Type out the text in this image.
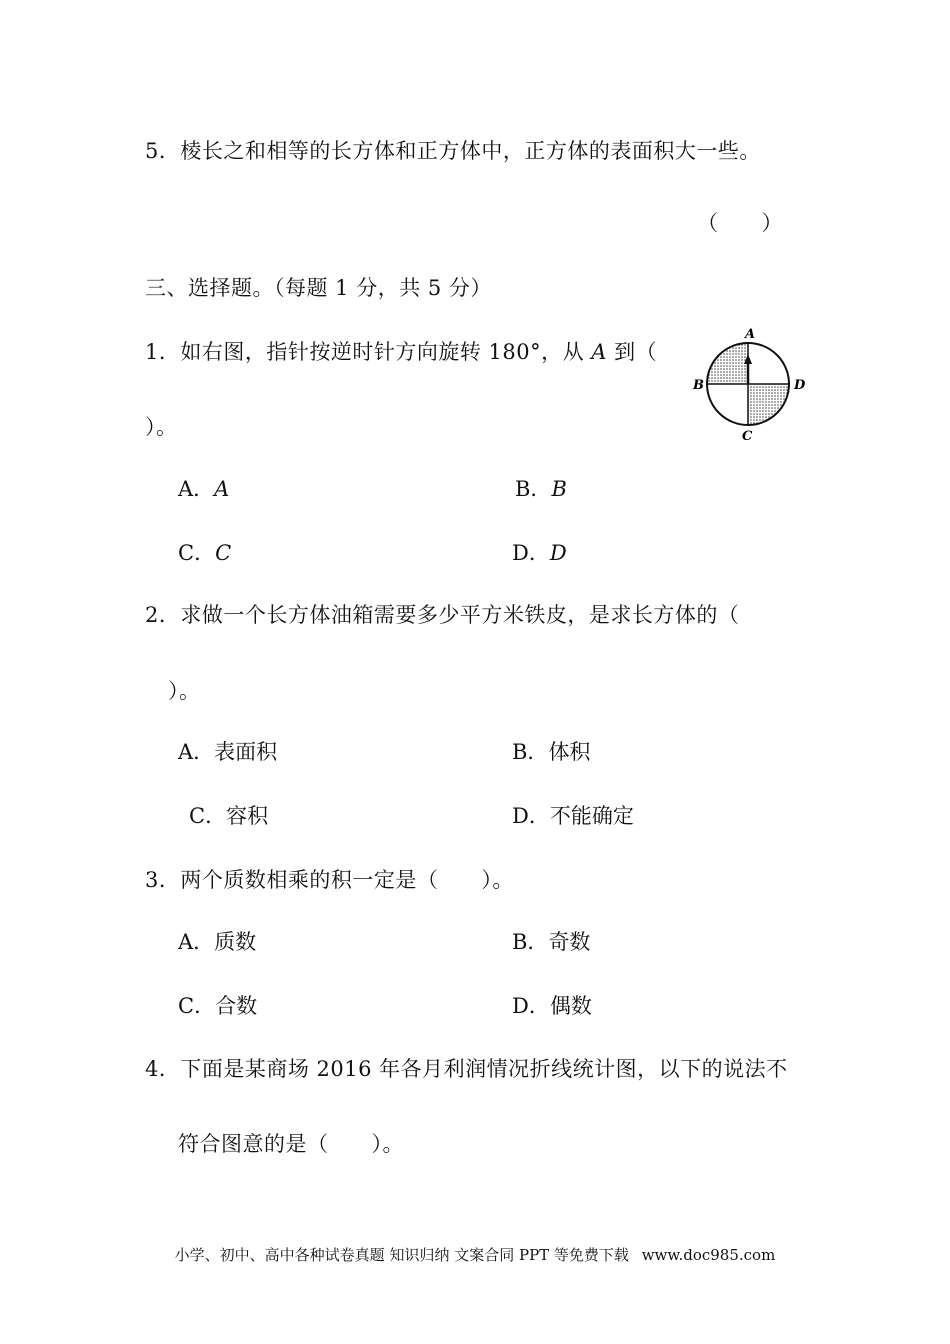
5．棱长之和相等的长方体和正方体中，正方体的表面积大一些。
（　　）
三、选择题。（每题 1 分，共 5 分）
1．如右图，指针按逆时针方向旋转 180°，从 A 到（
）。
A
B	D
C
A．A	B．B
C．C	D．D
2．求做一个长方体油箱需要多少平方米铁皮，是求长方体的（
）。
A．表面积	B．体积
C．容积	D．不能确定
3．两个质数相乘的积一定是（　　）。
A．质数	B．奇数
C．合数	D．偶数
4．下面是某商场 2016 年各月利润情况折线统计图，以下的说法不
符合图意的是（　　）。
小学、初中、高中各种试卷真题 知识归纳 文案合同 PPT 等免费下载 www.doc985.com
